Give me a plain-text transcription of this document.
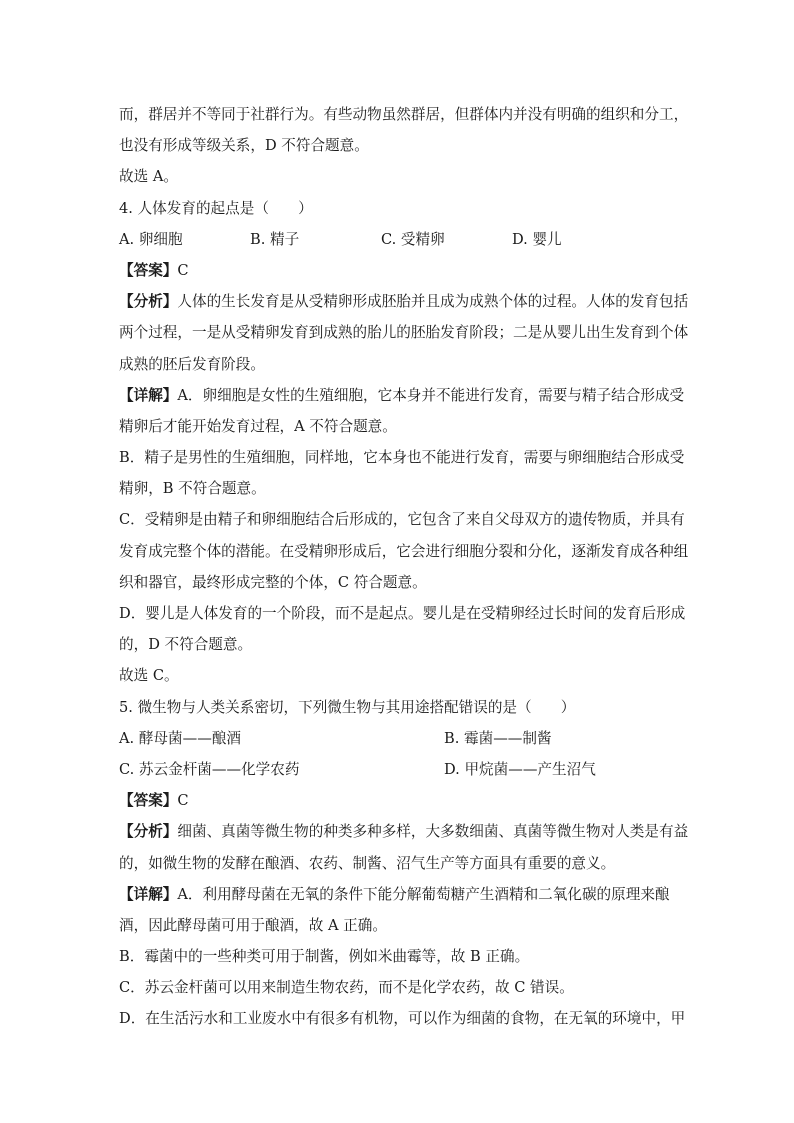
而，群居并不等同于社群行为。有些动物虽然群居，但群体内并没有明确的组织和分工，
也没有形成等级关系，D 不符合题意。
故选 A。
4. 人体发育的起点是（　　）
A. 卵细胞	B. 精子	C. 受精卵	D. 婴儿
【答案】C
【分析】人体的生长发育是从受精卵形成胚胎并且成为成熟个体的过程。人体的发育包括
两个过程，一是从受精卵发育到成熟的胎儿的胚胎发育阶段；二是从婴儿出生发育到个体
成熟的胚后发育阶段。
【详解】A．卵细胞是女性的生殖细胞，它本身并不能进行发育，需要与精子结合形成受
精卵后才能开始发育过程，A 不符合题意。
B．精子是男性的生殖细胞，同样地，它本身也不能进行发育，需要与卵细胞结合形成受
精卵，B 不符合题意。
C．受精卵是由精子和卵细胞结合后形成的，它包含了来自父母双方的遗传物质，并具有
发育成完整个体的潜能。在受精卵形成后，它会进行细胞分裂和分化，逐渐发育成各种组
织和器官，最终形成完整的个体，C 符合题意。
D．婴儿是人体发育的一个阶段，而不是起点。婴儿是在受精卵经过长时间的发育后形成
的，D 不符合题意。
故选 C。
5. 微生物与人类关系密切，下列微生物与其用途搭配错误的是（　　）
A. 酵母菌——酿酒	B. 霉菌——制酱
C. 苏云金杆菌——化学农药	D. 甲烷菌——产生沼气
【答案】C
【分析】细菌、真菌等微生物的种类多种多样，大多数细菌、真菌等微生物对人类是有益
的，如微生物的发酵在酿酒、农药、制酱、沼气生产等方面具有重要的意义。
【详解】A．利用酵母菌在无氧的条件下能分解葡萄糖产生酒精和二氧化碳的原理来酿
酒，因此酵母菌可用于酿酒，故 A 正确。
B．霉菌中的一些种类可用于制酱，例如米曲霉等，故 B 正确。
C．苏云金杆菌可以用来制造生物农药，而不是化学农药，故 C 错误。
D．在生活污水和工业废水中有很多有机物，可以作为细菌的食物，在无氧的环境中，甲
